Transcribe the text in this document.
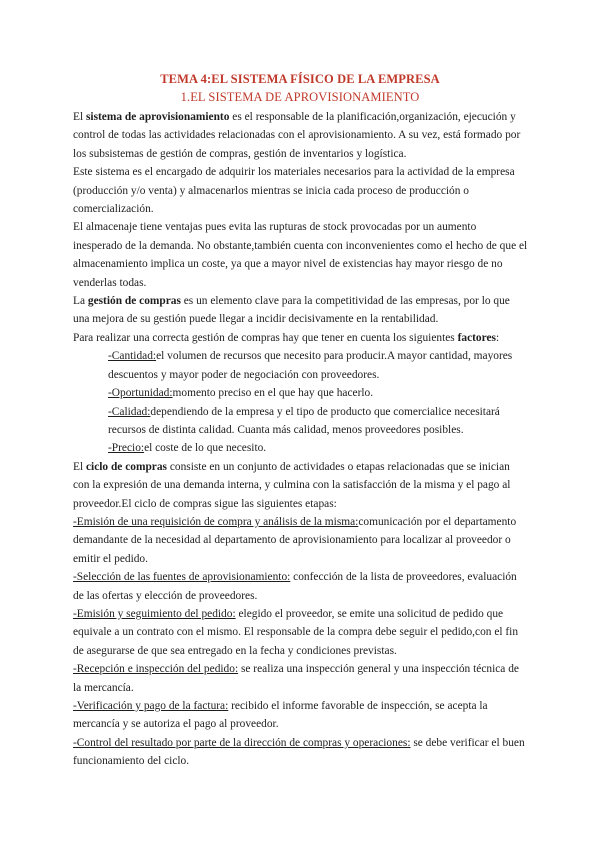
TEMA 4:EL SISTEMA FÍSICO DE LA EMPRESA
1.EL SISTEMA DE APROVISIONAMIENTO

El sistema de aprovisionamiento es el responsable de la planificación,organización, ejecución y control de todas las actividades relacionadas con el aprovisionamiento. A su vez, está formado por los subsistemas de gestión de compras, gestión de inventarios y logística.

Este sistema es el encargado de adquirir los materiales necesarios para la actividad de la empresa (producción y/o venta) y almacenarlos mientras se inicia cada proceso de producción o comercialización.

El almacenaje tiene ventajas pues evita las rupturas de stock provocadas por un aumento inesperado de la demanda. No obstante,también cuenta con inconvenientes como el hecho de que el almacenamiento implica un coste, ya que a mayor nivel de existencias hay mayor riesgo de no venderlas todas.

La gestión de compras es un elemento clave para la competitividad de las empresas, por lo que una mejora de su gestión puede llegar a incidir decisivamente en la rentabilidad.

Para realizar una correcta gestión de compras hay que tener en cuenta los siguientes factores:

-Cantidad:el volumen de recursos que necesito para producir.A mayor cantidad, mayores descuentos y mayor poder de negociación con proveedores.

-Oportunidad:momento preciso en el que hay que hacerlo.

-Calidad:dependiendo de la empresa y el tipo de producto que comercialice necesitará recursos de distinta calidad. Cuanta más calidad, menos proveedores posibles.

-Precio:el coste de lo que necesito.

El ciclo de compras consiste en un conjunto de actividades o etapas relacionadas que se inician con la expresión de una demanda interna, y culmina con la satisfacción de la misma y el pago al proveedor.El ciclo de compras sigue las siguientes etapas:

-Emisión de una requisición de compra y análisis de la misma:comunicación por el departamento demandante de la necesidad al departamento de aprovisionamiento para localizar al proveedor o emitir el pedido.

-Selección de las fuentes de aprovisionamiento: confección de la lista de proveedores, evaluación de las ofertas y elección de proveedores.

-Emisión y seguimiento del pedido: elegido el proveedor, se emite una solicitud de pedido que equivale a un contrato con el mismo. El responsable de la compra debe seguir el pedido,con el fin de asegurarse de que sea entregado en la fecha y condiciones previstas.

-Recepción e inspección del pedido: se realiza una inspección general y una inspección técnica de la mercancía.

-Verificación y pago de la factura: recibido el informe favorable de inspección, se acepta la mercancía y se autoriza el pago al proveedor.

-Control del resultado por parte de la dirección de compras y operaciones: se debe verificar el buen funcionamiento del ciclo.
